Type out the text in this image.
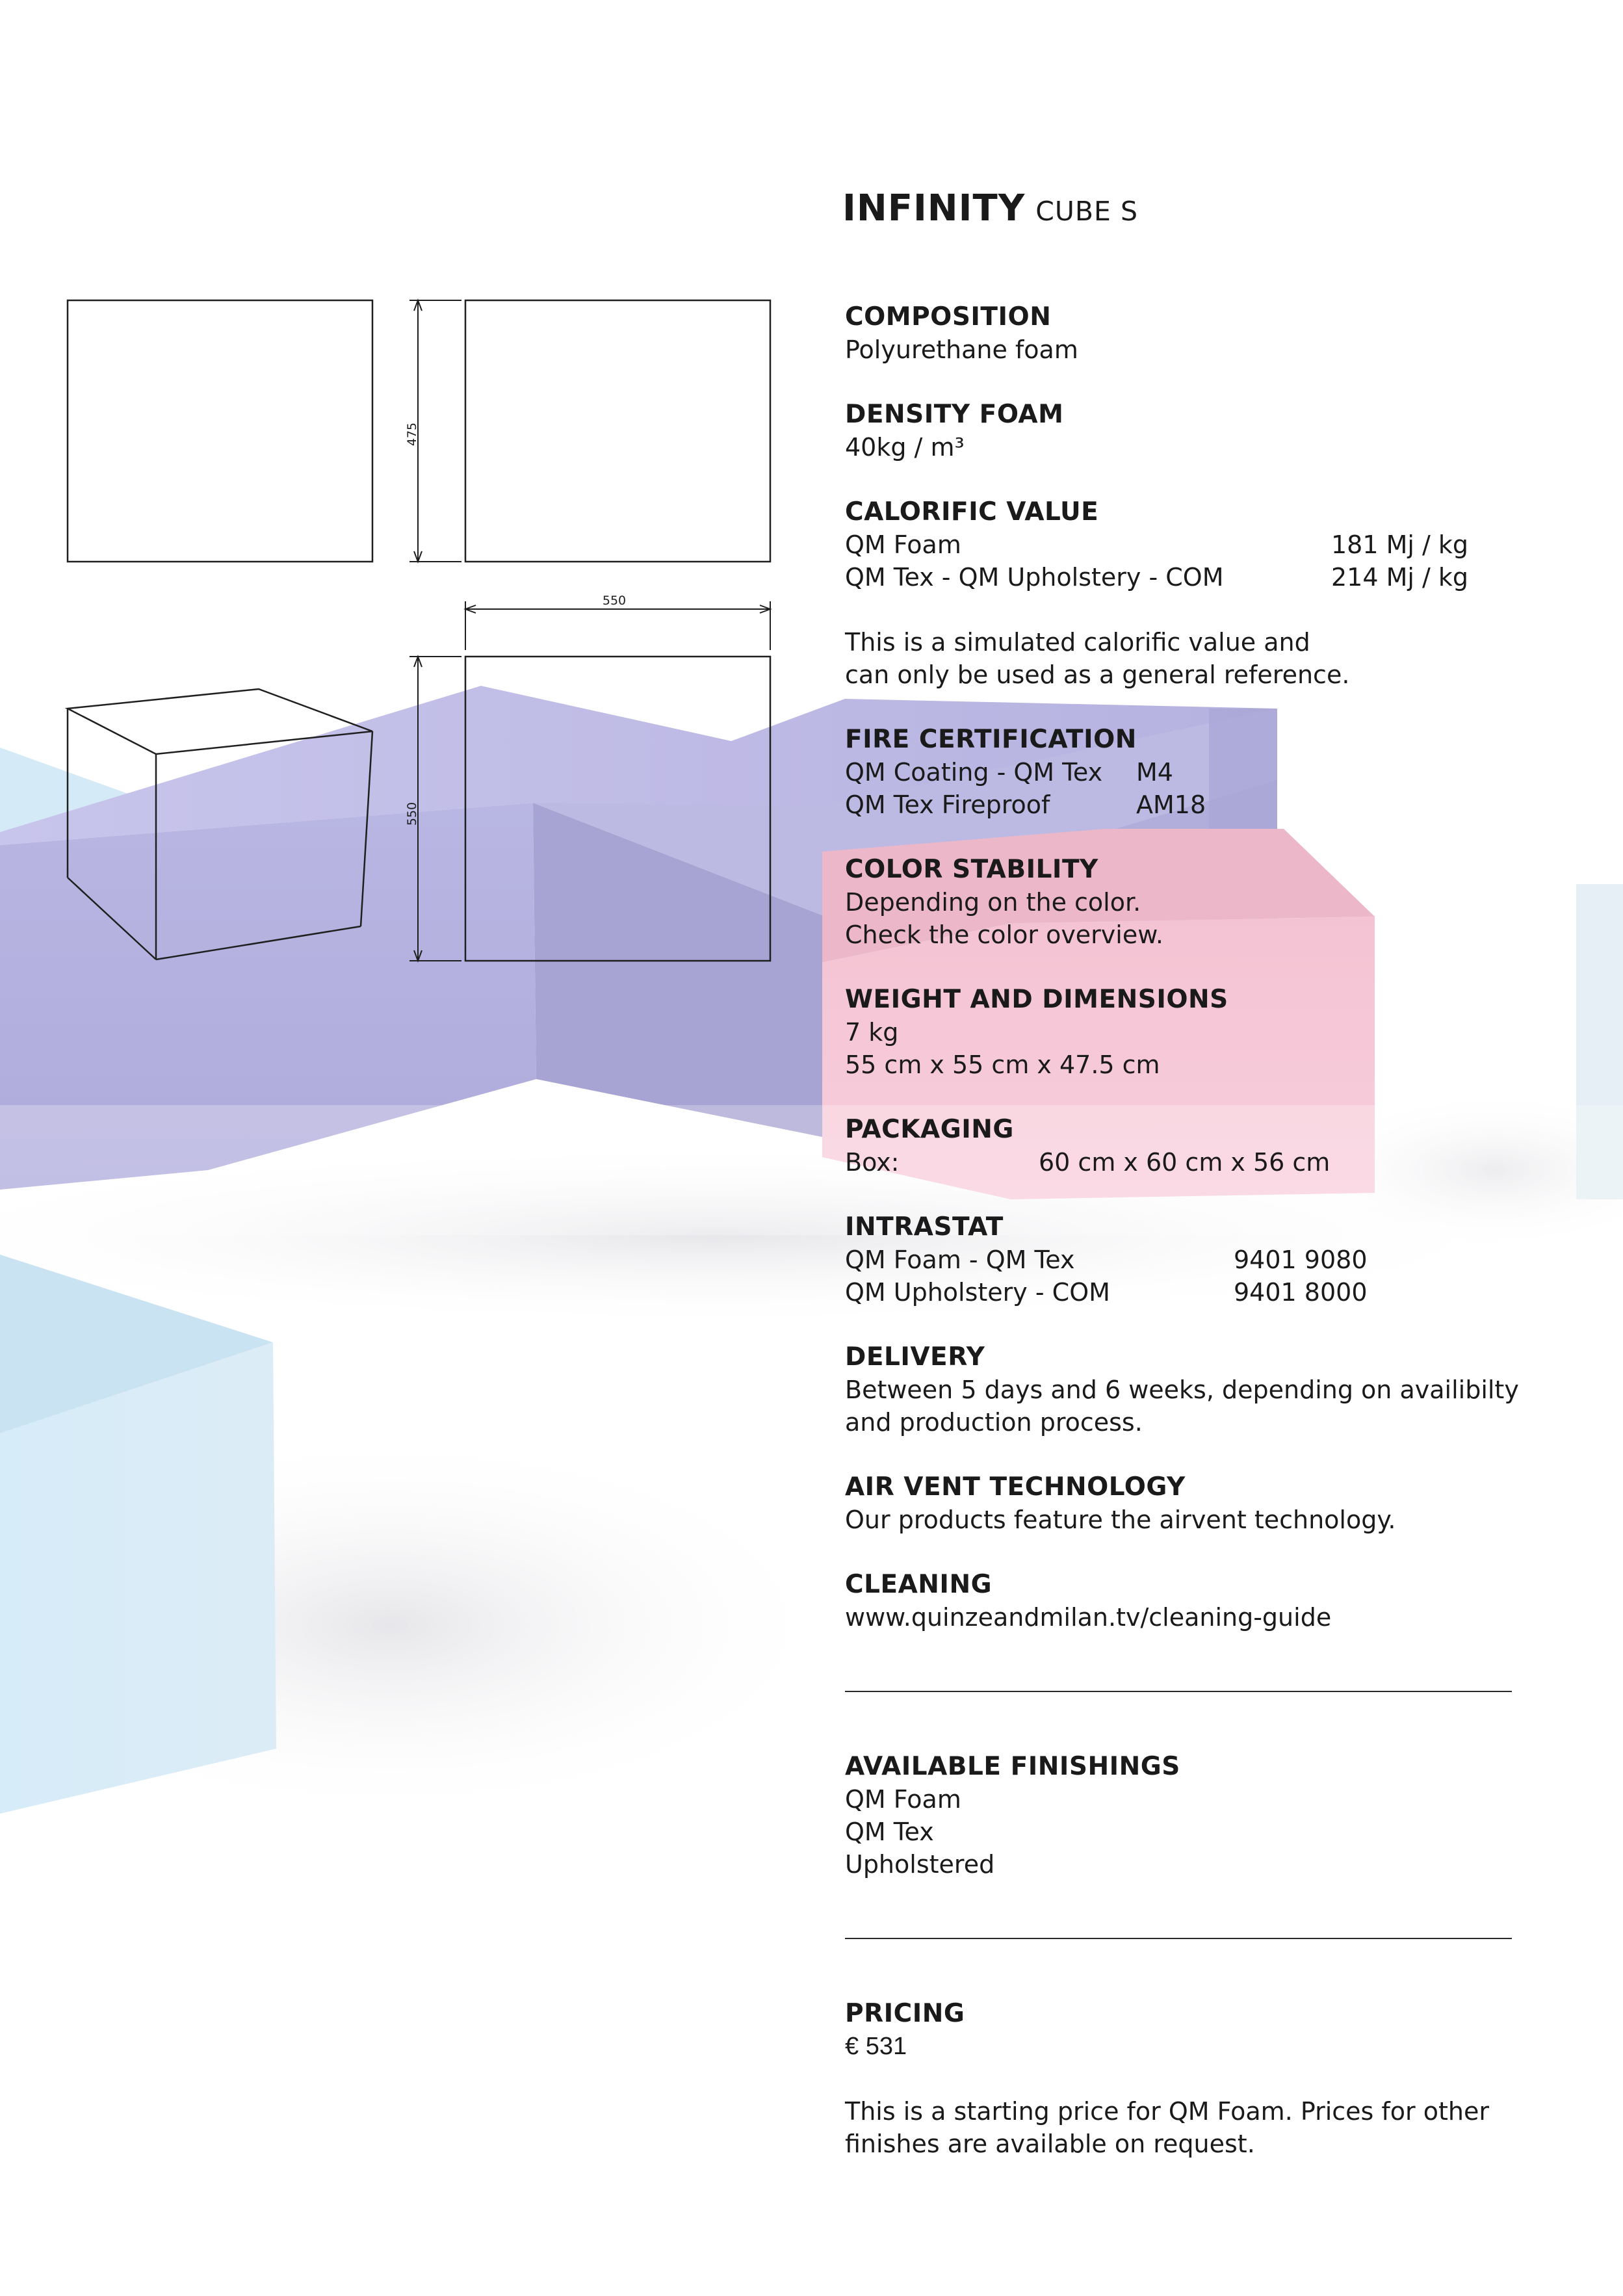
475
550
550
INFINITY CUBE S
COMPOSITION
Polyurethane foam
DENSITY FOAM
40kg / m³
CALORIFIC VALUE
QM Foam	181 Mj / kg
QM Tex - QM Upholstery - COM	214 Mj / kg
This is a simulated calorific value and
can only be used as a general reference.
FIRE CERTIFICATION
QM Coating - QM Tex M4
QM Tex Fireproof	AM18
COLOR STABILITY
Depending on the color.
Check the color overview.
WEIGHT AND DIMENSIONS
7 kg
55 cm x 55 cm x 47.5 cm
PACKAGING
Box:	60 cm x 60 cm x 56 cm
INTRASTAT
QM Foam - QM Tex	9401 9080
QM Upholstery - COM	9401 8000
DELIVERY
Between 5 days and 6 weeks, depending on availibilty
and production process.
AIR VENT TECHNOLOGY
Our products feature the airvent technology.
CLEANING
www.quinzeandmilan.tv/cleaning-guide
AVAILABLE FINISHINGS
QM Foam
QM Tex
Upholstered
PRICING
€ 531
This is a starting price for QM Foam. Prices for other
finishes are available on request.
